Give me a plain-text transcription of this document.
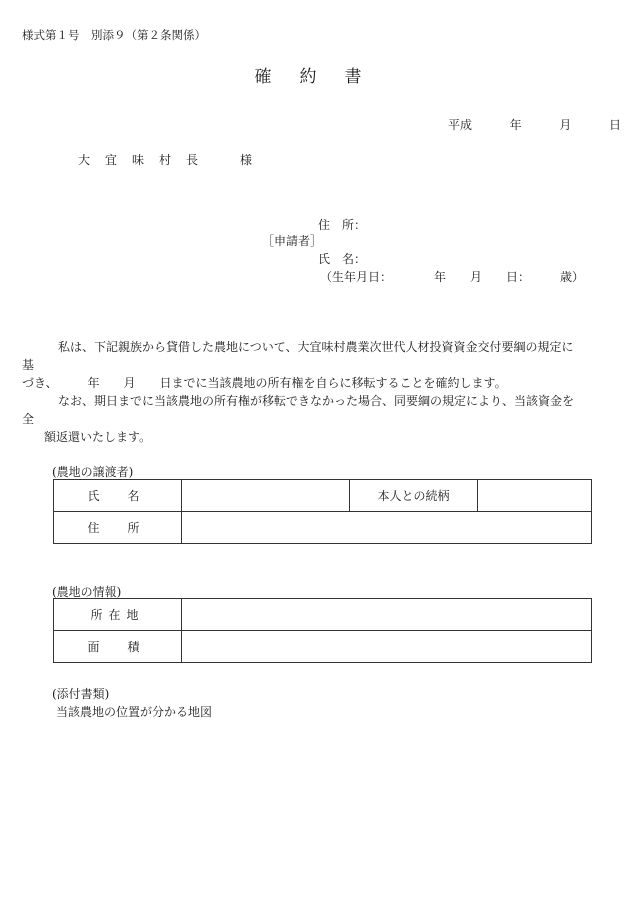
様式第１号　別添９（第２条関係）
確約書
平成	年	月	日
大宜味村長　様
住　所：
［申請者］
氏　名：
（生年月日：　　　　年　　月　　日：　　　歳）

私は、下記親族から貸借した農地について、大宜味村農業次世代人材投資資金交付要綱の規定に基

づき、　　　年　　月　　日までに当該農地の所有権を自らに移転することを確約します。

なお、期日までに当該農地の所有権が移転できなかった場合、同要綱の規定により、当該資金を全

額返還いたします。

(農地の譲渡者)
氏　名		本人との続柄	
住　所			
(農地の情報)
所在地	
面　積	
(添付書類)
当該農地の位置が分かる地図
